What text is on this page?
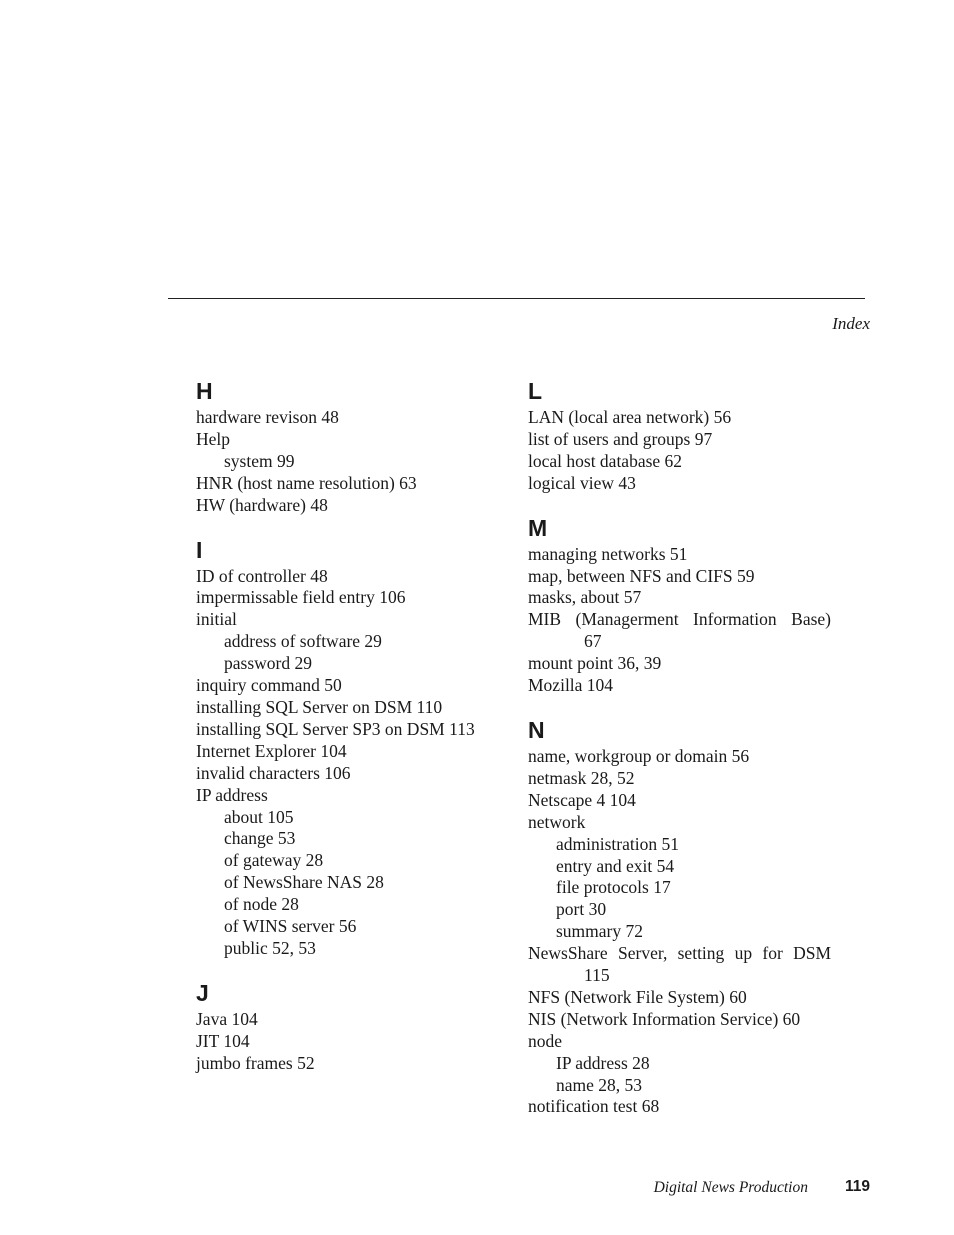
Index
H
hardware revison 48
Help
system 99
HNR (host name resolution) 63
HW (hardware) 48
I
ID of controller 48
impermissable field entry 106
initial
address of software 29
password 29
inquiry command 50
installing SQL Server on DSM 110
installing SQL Server SP3 on DSM 113
Internet Explorer 104
invalid characters 106
IP address
about 105
change 53
of gateway 28
of NewsShare NAS 28
of node 28
of WINS server 56
public 52, 53
J
Java 104
JIT 104
jumbo frames 52
L
LAN (local area network) 56
list of users and groups 97
local host database 62
logical view 43
M
managing networks 51
map, between NFS and CIFS 59
masks, about 57
MIB (Managerment Information Base)
67
mount point 36, 39
Mozilla 104
N
name, workgroup or domain 56
netmask 28, 52
Netscape 4 104
network
administration 51
entry and exit 54
file protocols 17
port 30
summary 72
NewsShare Server, setting up for DSM
115
NFS (Network File System) 60
NIS (Network Information Service) 60
node
IP address 28
name 28, 53
notification test 68
Digital News Production 119
